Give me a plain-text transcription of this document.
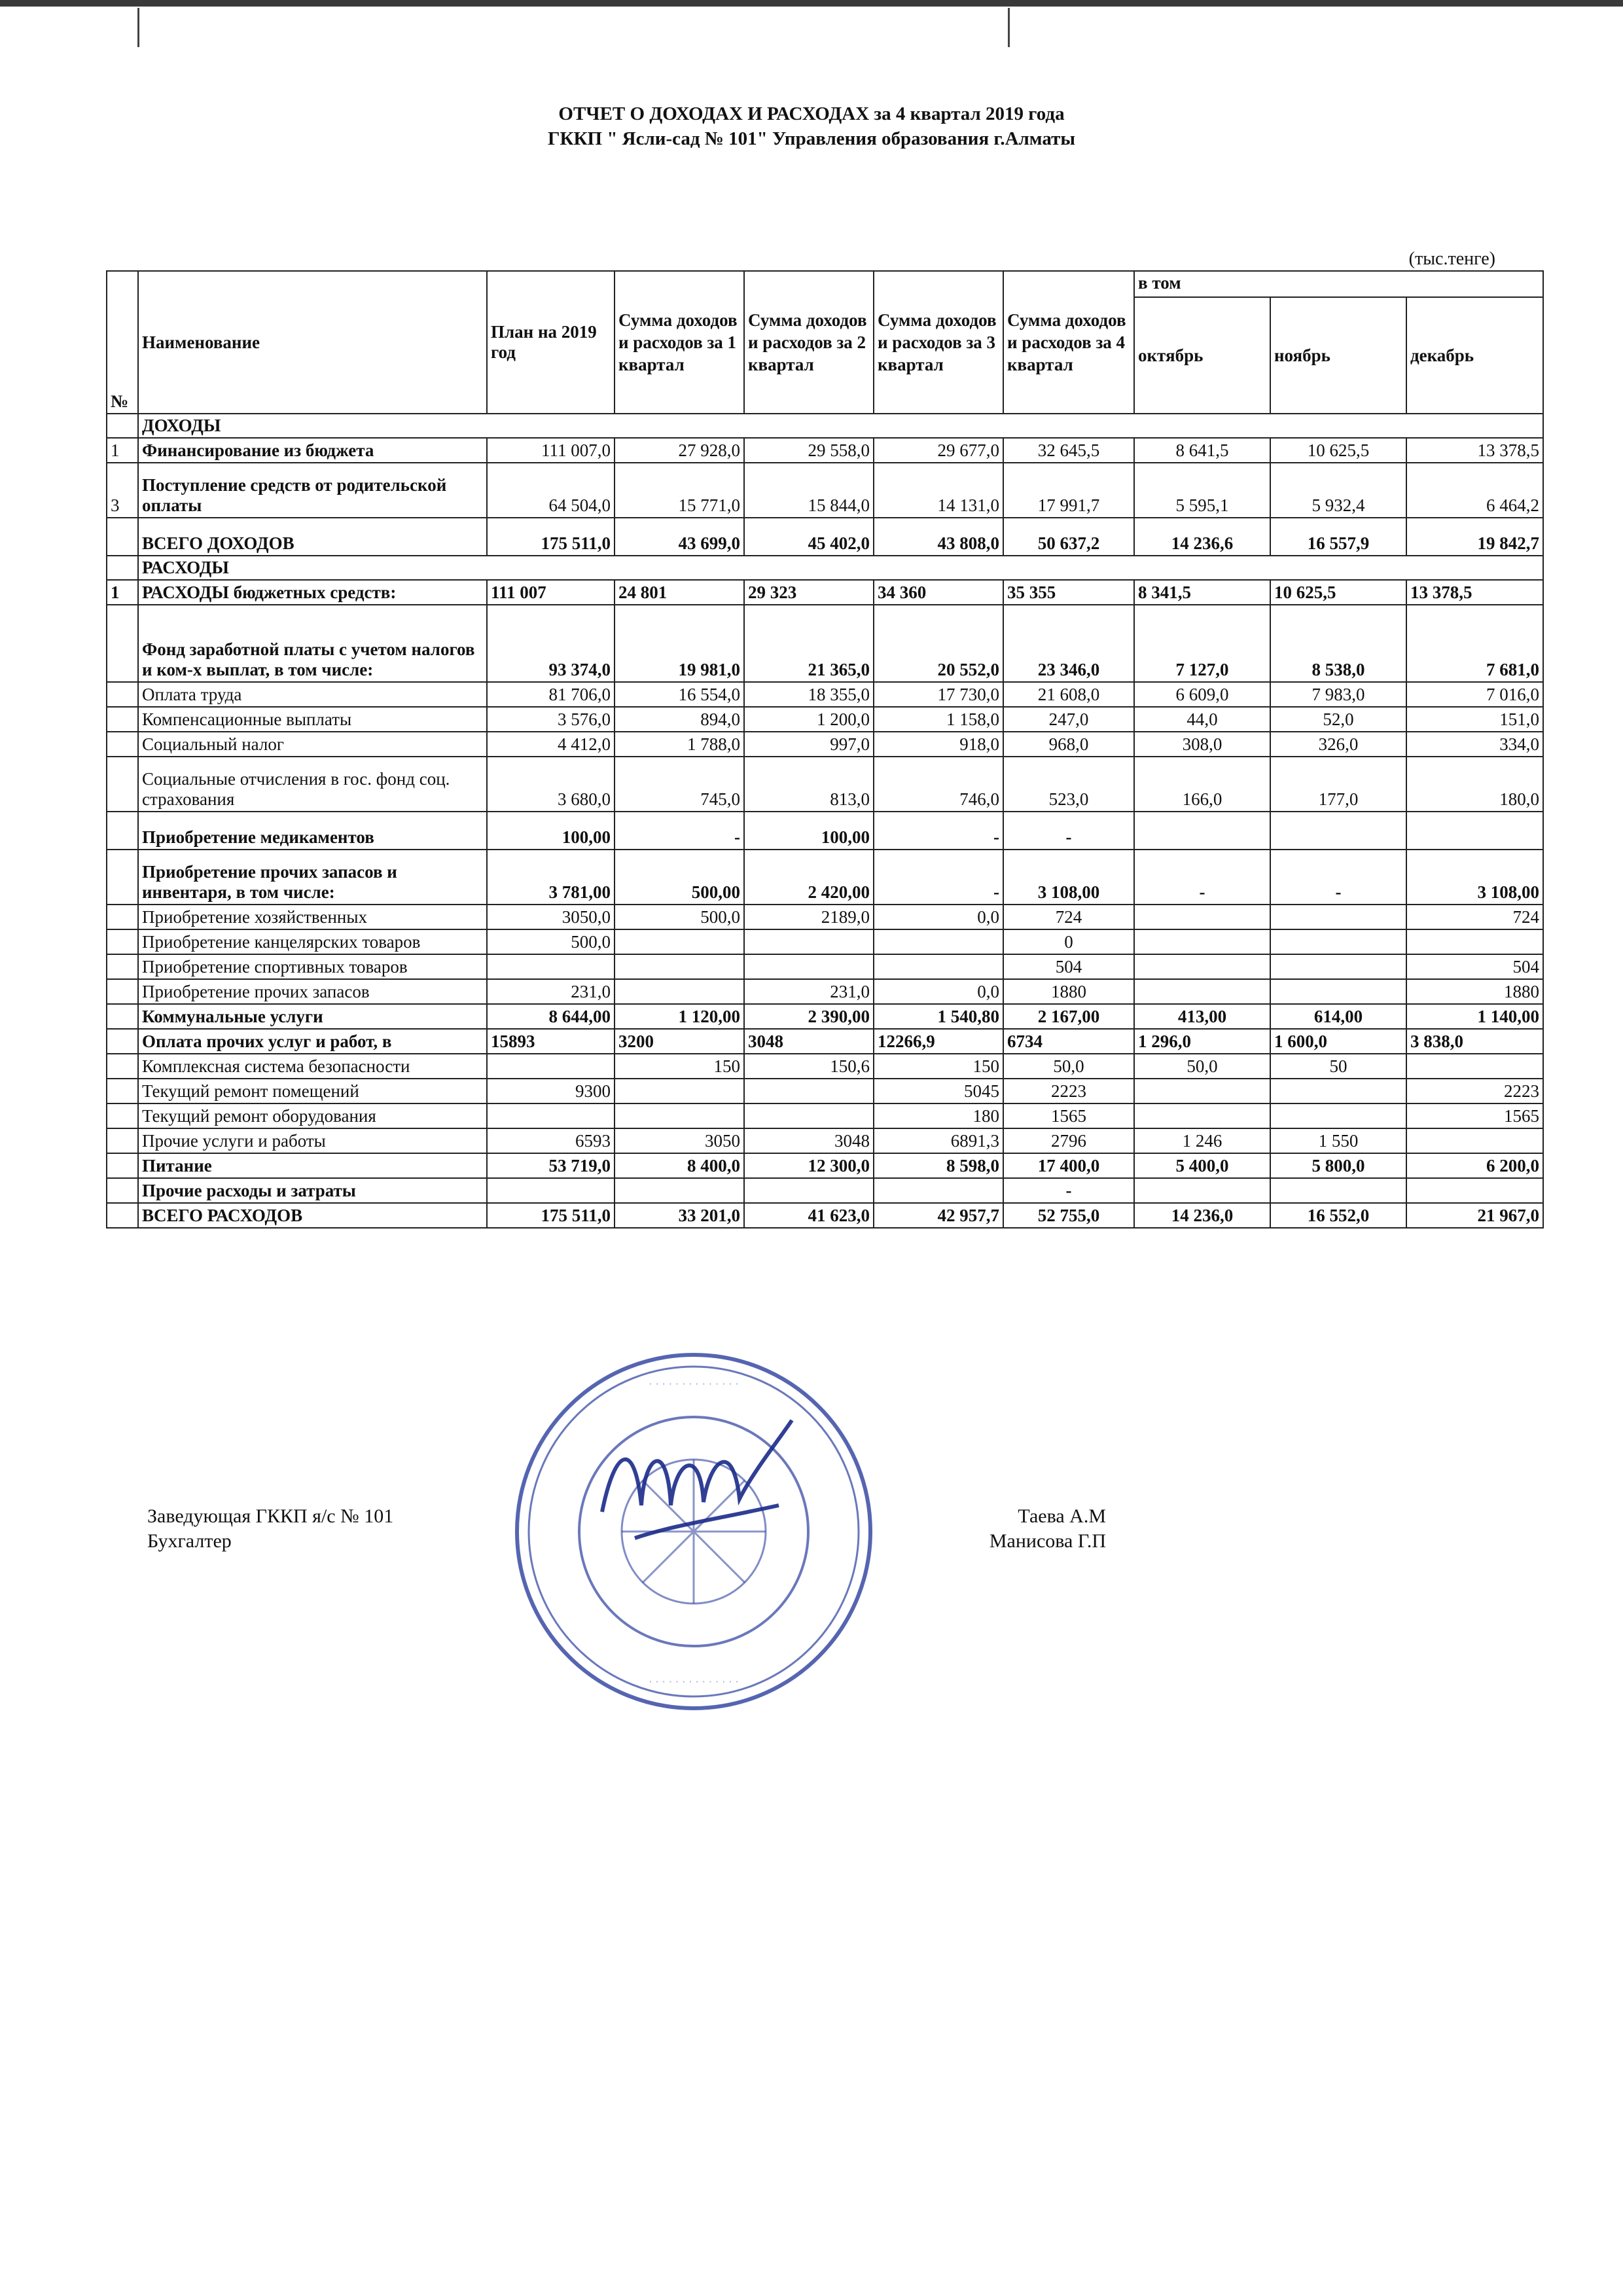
ОТЧЕТ О ДОХОДАХ И РАСХОДАХ за 4 квартал 2019 года
ГККП " Ясли-сад № 101" Управления образования г.Алматы
(тыс.тенге)
№	Наименование	План на 2019 год	Сумма доходов и расходов за 1 квартал	Сумма доходов и расходов за 2 квартал	Сумма доходов и расходов за 3 квартал	Сумма доходов и расходов за 4 квартал	в том		
							октябрь	ноябрь	декабрь
	ДОХОДЫ								
1	Финансирование из бюджета	111 007,0	27 928,0	29 558,0	29 677,0	32 645,5	8 641,5	10 625,5	13 378,5
3	Поступление средств от родительской оплаты	64 504,0	15 771,0	15 844,0	14 131,0	17 991,7	5 595,1	5 932,4	6 464,2
	ВСЕГО ДОХОДОВ	175 511,0	43 699,0	45 402,0	43 808,0	50 637,2	14 236,6	16 557,9	19 842,7
	РАСХОДЫ								
1	РАСХОДЫ бюджетных средств:	111 007	24 801	29 323	34 360	35 355	8 341,5	10 625,5	13 378,5
	Фонд заработной платы с учетом налогов и ком-х выплат, в том числе:	93 374,0	19 981,0	21 365,0	20 552,0	23 346,0	7 127,0	8 538,0	7 681,0
	Оплата труда	81 706,0	16 554,0	18 355,0	17 730,0	21 608,0	6 609,0	7 983,0	7 016,0
	Компенсационные выплаты	3 576,0	894,0	1 200,0	1 158,0	247,0	44,0	52,0	151,0
	Социальный налог	4 412,0	1 788,0	997,0	918,0	968,0	308,0	326,0	334,0
	Социальные отчисления в гос. фонд соц. страхования	3 680,0	745,0	813,0	746,0	523,0	166,0	177,0	180,0
	Приобретение медикаментов	100,00	-	100,00	-	-			
	Приобретение прочих запасов и инвентаря, в том числе:	3 781,00	500,00	2 420,00	-	3 108,00	-	-	3 108,00
	Приобретение хозяйственных	3050,0	500,0	2189,0	0,0	724			724
	Приобретение канцелярских товаров	500,0				0			
	Приобретение спортивных товаров					504			504
	Приобретение прочих запасов	231,0		231,0	0,0	1880			1880
	Коммунальные услуги	8 644,00	1 120,00	2 390,00	1 540,80	2 167,00	413,00	614,00	1 140,00
	Оплата прочих услуг и работ, в	15893	3200	3048	12266,9	6734	1 296,0	1 600,0	3 838,0
	Комплексная система безопасности		150	150,6	150	50,0	50,0	50	
	Текущий ремонт помещений	9300			5045	2223			2223
	Текущий ремонт оборудования				180	1565			1565
	Прочие услуги и работы	6593	3050	3048	6891,3	2796	1 246	1 550	
	Питание	53 719,0	8 400,0	12 300,0	8 598,0	17 400,0	5 400,0	5 800,0	6 200,0
	Прочие расходы и затраты					-			
	ВСЕГО РАСХОДОВ	175 511,0	33 201,0	41 623,0	42 957,7	52 755,0	14 236,0	16 552,0	21 967,0
· · · · · · · · · · · · · ·
· · · · · · · · · · · · · ·
Заведующая ГККП я/с № 101
Бухгалтер
Таева А.М
Манисова Г.П
